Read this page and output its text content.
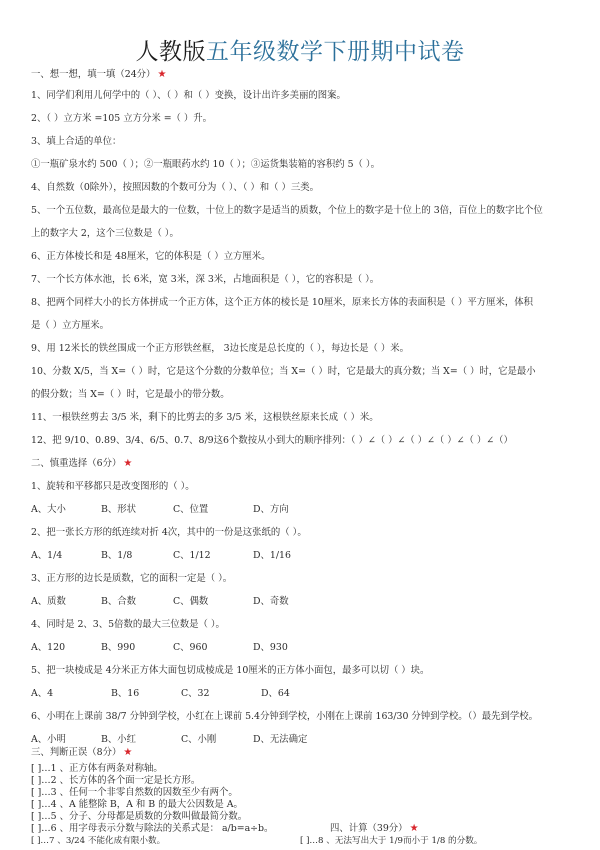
人教版五年级数学下册期中试卷
一、想一想，填一填（24分） ★
1、同学们利用儿何学中的（ ）、（ ）和（ ）变换，设计出许多美丽的图案。
2、（ ）立方米 =105 立方分米 =（ ）升。
3、填上合适的单位：
①一瓶矿泉水约 500（ ）；②一瓶眼药水约 10（ ）；③运货集装箱的容积约 5（ ）。
4、自然数（0除外），按照因数的个数可分为（ ）、（ ）和（ ）三类。
5、一个五位数，最高位是最大的一位数，十位上的数字是适当的质数，个位上的数字是十位上的 3倍，百位上的数字比个位
上的数字大 2，这个三位数是（ ）。
6、正方体棱长和是 48厘米，它的体积是（ ）立方厘米。
7、一个长方体水池，长 6米，宽 3米，深 3米，占地面积是（ ），它的容积是（ ）。
8、把两个同样大小的长方体拼成一个正方体，这个正方体的棱长是 10厘米，原来长方体的表面积是（ ）平方厘米，体积
是（ ）立方厘米。
9、用 12米长的铁丝围成一个正方形铁丝框， 3边长度是总长度的（ ），每边长是（ ）米。
10、分数 X/5，当 X=（ ）时，它是这个分数的分数单位；当 X=（ ）时，它是最大的真分数；当 X=（ ）时，它是最小
的假分数；当 X=（ ）时，它是最小的带分数。
11、一根铁丝剪去 3/5 米，剩下的比剪去的多 3/5 米，这根铁丝原来长成（ ）米。
12、把 9/10、0.89、3/4、6/5、0.7、8/9这6个数按从小到大的顺序排列：（ ）∠（ ）∠（ ）∠（ ）∠（ ）∠（）
二、慎重选择（6分） ★
1、旋转和平移都只是改变图形的（ ）。
A、大小	B、形状	C、位置	D、方向
2、把一张长方形的纸连续对折 4次，其中的一份是这张纸的（ ）。
A、1/4	B、1/8	C、1/12	D、1/16
3、正方形的边长是质数，它的面积一定是（ ）。
A、质数	B、合数	C、偶数	D、奇数
4、同时是 2、3、5倍数的最大三位数是（ ）。
A、120	B、990	C、960	D、930
5、把一块棱成是 4分米正方体大面包切成棱成是 10厘米的正方体小面包，最多可以切（ ）块。
A、4	B、16	C、32	D、64
6、小明在上课前 38/7 分钟到学校，小红在上课前 5.4分钟到学校，小刚在上课前 163/30 分钟到学校。（）最先到学校。
A、小明	B、小红	C、小刚	D、无法确定
三、判断正误（8分） ★
[ ]…1 、正方体有两条对称轴。
[ ]…2 、长方体的各个面一定是长方形。
[ ]…3 、任何一个非零自然数的因数至少有两个。
[ ]…4 、A 能整除 B，A 和 B 的最大公因数是 A。
[ ]…5 、分子、分母都是质数的分数叫做最简分数。
[ ]…6 、用字母表示分数与除法的关系式是： a/b=a÷b。
[ ]…7 、3/24 不能化成有限小数。	[ ]…8 、无法写出大于 1/9而小于 1/8 的分数。
四、计算（39分） ★
